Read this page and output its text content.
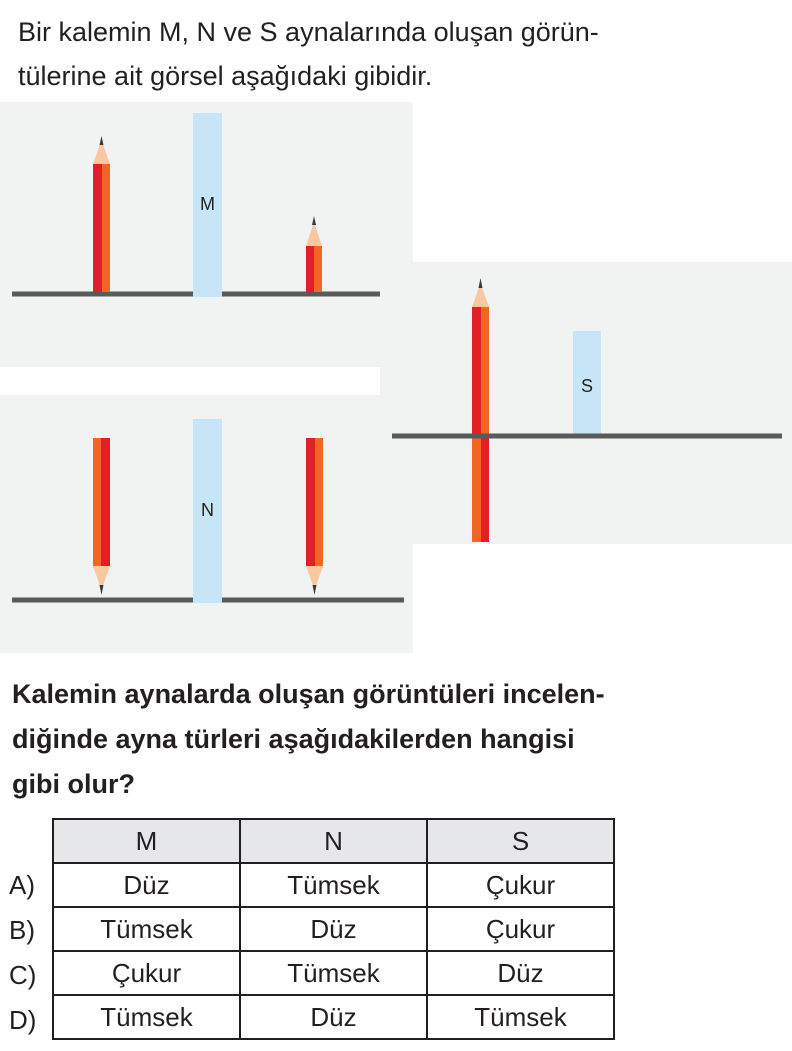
Bir kalemin M, N ve S aynalarında oluşan görün-
tülerine ait görsel aşağıdaki gibidir.

M
N
S

Kalemin aynalarda oluşan görüntüleri incelen-
diğinde ayna türleri aşağıdakilerden hangisi
gibi olur?

A)
B)
C)
D)
M	N	S
Düz	Tümsek	Çukur
Tümsek	Düz	Çukur
Çukur	Tümsek	Düz
Tümsek	Düz	Tümsek
